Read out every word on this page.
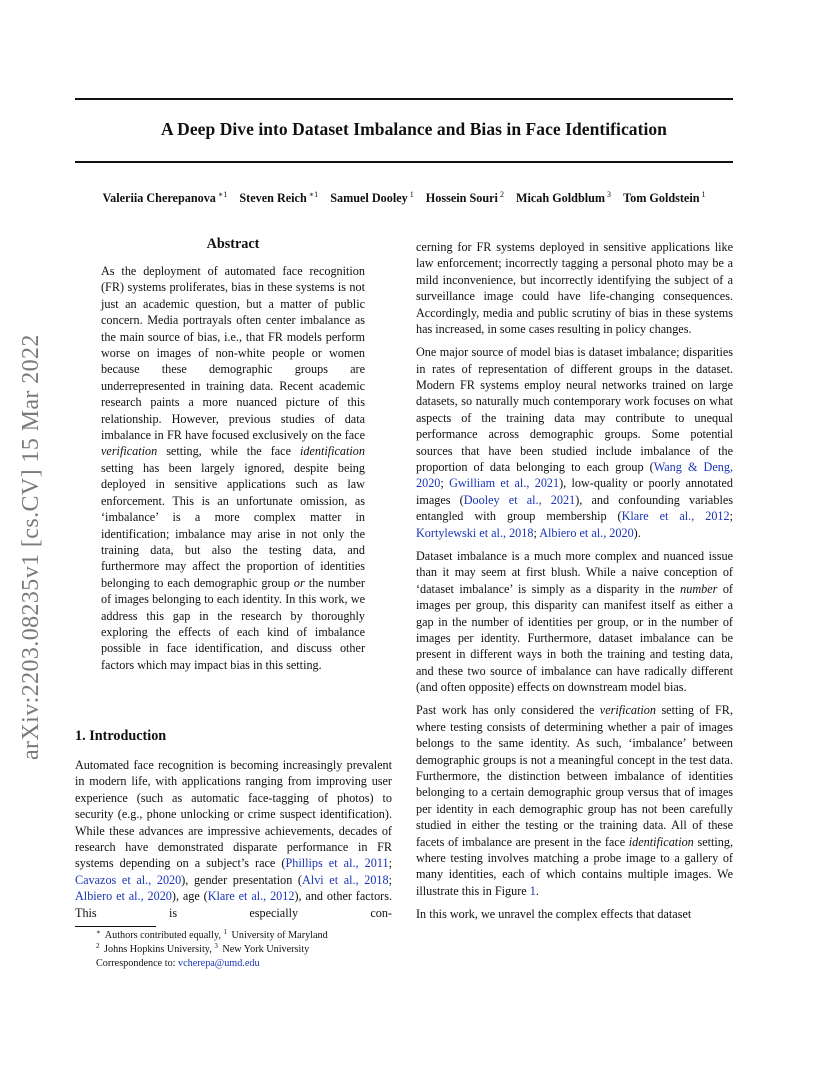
A Deep Dive into Dataset Imbalance and Bias in Face Identification
Valeriia Cherepanova $^{∗1}$ Steven Reich $^{∗1}$ Samuel Dooley $^1$ Hossein Souri $^2$ Micah Goldblum $^3$ Tom Goldstein $^1$
arXiv:2203.08235v1 [cs.CV] 15 Mar 2022
Abstract

As the deployment of automated face recognition (FR) systems proliferates, bias in these systems is not just an academic question, but a matter of public concern. Media portrayals often center imbalance as the main source of bias, i.e., that FR models perform worse on images of non-white people or women because these demographic groups are underrepresented in training data. Recent academic research paints a more nuanced picture of this relationship. However, previous studies of data imbalance in FR have focused exclusively on the face verification setting, while the face identification setting has been largely ignored, despite being deployed in sensitive applications such as law enforcement. This is an unfortunate omission, as ‘imbalance’ is a more complex matter in identification; imbalance may arise in not only the training data, but also the testing data, and furthermore may affect the proportion of identities belonging to each demographic group or the number of images belonging to each identity. In this work, we address this gap in the research by thoroughly exploring the effects of each kind of imbalance possible in face identification, and discuss other factors which may impact bias in this setting.

1. Introduction

Automated face recognition is becoming increasingly prevalent in modern life, with applications ranging from improving user experience (such as automatic face-tagging of photos) to security (e.g., phone unlocking or crime suspect identification). While these advances are impressive achievements, decades of research have demonstrated disparate performance in FR systems depending on a subject’s race (Phillips et al., 2011; Cavazos et al., 2020), gender presentation (Alvi et al., 2018; Albiero et al., 2020), age (Klare et al., 2012), and other factors. This is especially con-

∗ Authors contributed equally, $^1$ University of Maryland
$^2$ Johns Hopkins University, $^3$ New York University
Correspondence to: vcherepa@umd.edu

cerning for FR systems deployed in sensitive applications like law enforcement; incorrectly tagging a personal photo may be a mild inconvenience, but incorrectly identifying the subject of a surveillance image could have life-changing consequences. Accordingly, media and public scrutiny of bias in these systems has increased, in some cases resulting in policy changes.

One major source of model bias is dataset imbalance; disparities in rates of representation of different groups in the dataset. Modern FR systems employ neural networks trained on large datasets, so naturally much contemporary work focuses on what aspects of the training data may contribute to unequal performance across demographic groups. Some potential sources that have been studied include imbalance of the proportion of data belonging to each group (Wang & Deng, 2020; Gwilliam et al., 2021), low-quality or poorly annotated images (Dooley et al., 2021), and confounding variables entangled with group membership (Klare et al., 2012; Kortylewski et al., 2018; Albiero et al., 2020).

Dataset imbalance is a much more complex and nuanced issue than it may seem at first blush. While a naive conception of ‘dataset imbalance’ is simply as a disparity in the number of images per group, this disparity can manifest itself as either a gap in the number of identities per group, or in the number of images per identity. Furthermore, dataset imbalance can be present in different ways in both the training and testing data, and these two source of imbalance can have radically different (and often opposite) effects on downstream model bias.

Past work has only considered the verification setting of FR, where testing consists of determining whether a pair of images belongs to the same identity. As such, ‘imbalance’ between demographic groups is not a meaningful concept in the test data. Furthermore, the distinction between imbalance of identities belonging to a certain demographic group versus that of images per identity in each demographic group has not been carefully studied in either the testing or the training data. All of these facets of imbalance are present in the face identification setting, where testing involves matching a probe image to a gallery of many identities, each of which contains multiple images. We illustrate this in Figure 1.

In this work, we unravel the complex effects that dataset
